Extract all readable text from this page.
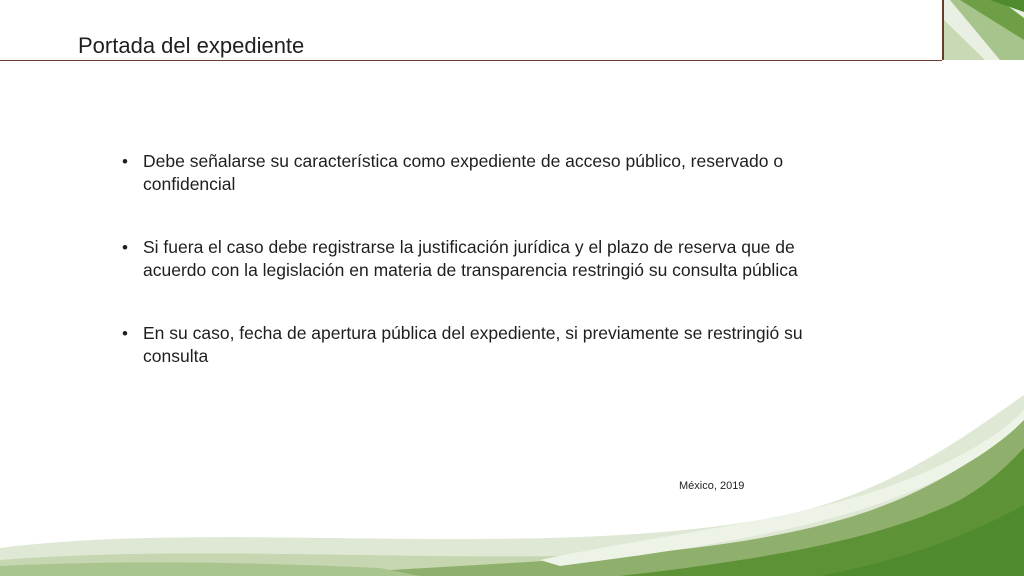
Portada del expediente
• Debe señalarse su característica como expediente de acceso público, reservado o confidencial
• Si fuera el caso debe registrarse la justificación jurídica y el plazo de reserva que de acuerdo con la legislación en materia de transparencia restringió su consulta pública
• En su caso, fecha de apertura pública del expediente, si previamente se restringió su consulta
México, 2019
